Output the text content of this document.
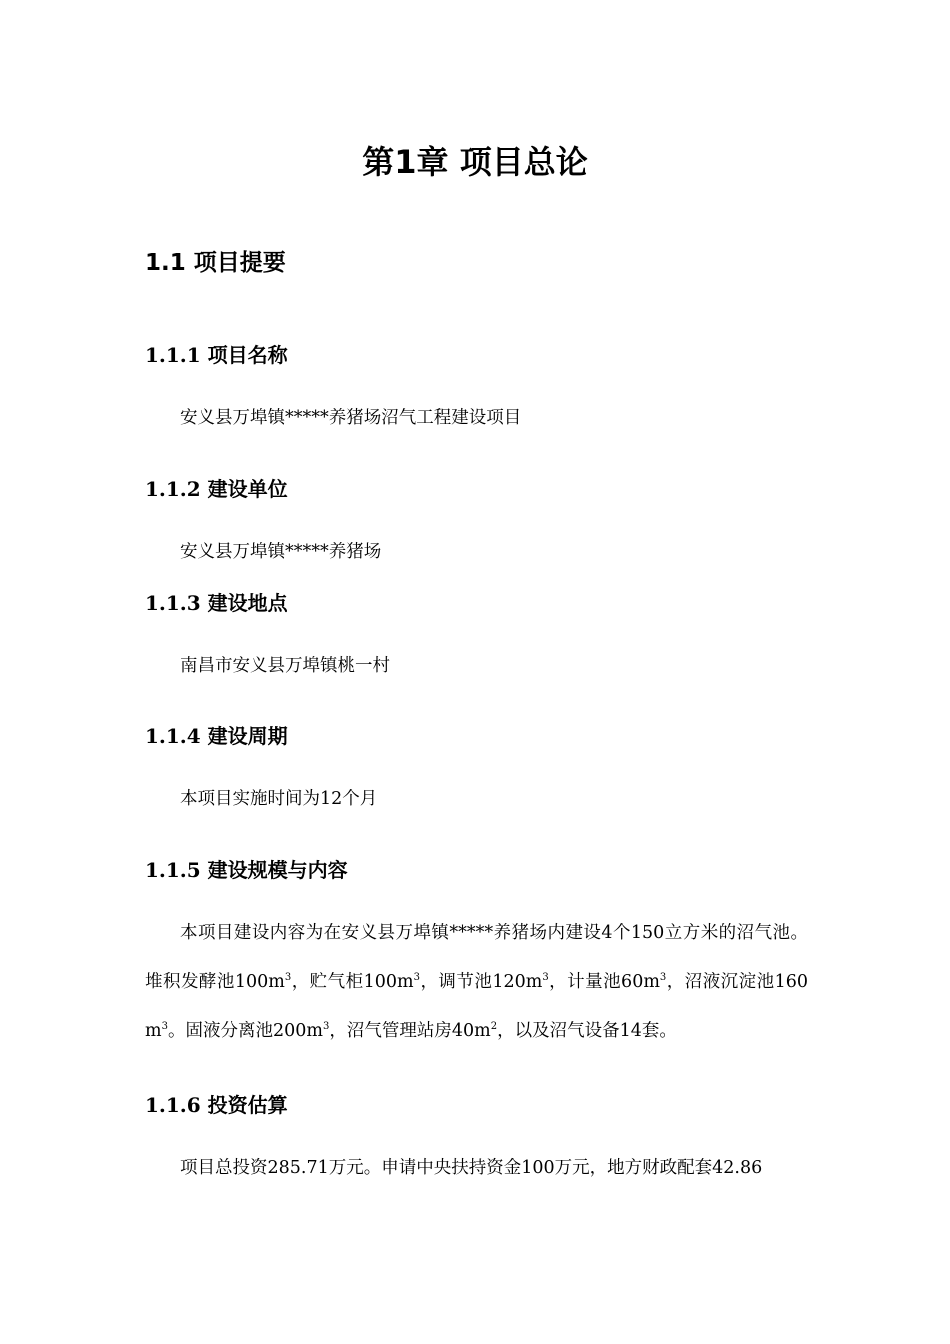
第1章 项目总论
1.1 项目提要
1.1.1 项目名称

安义县万埠镇*****养猪场沼气工程建设项目

1.1.2 建设单位

安义县万埠镇*****养猪场

1.1.3 建设地点

南昌市安义县万埠镇桃一村

1.1.4 建设周期

本项目实施时间为12个月

1.1.5 建设规模与内容

本项目建设内容为在安义县万埠镇*****养猪场内建设4个150立方米的沼气池。堆积发酵池$100m^3$，贮气柜$100m^3$，调节池$120m^3$，计量池$60m^3$，沼液沉淀池$160m^3$。固液分离池$200m^3$，沼气管理站房$40m^2$，以及沼气设备14套。

1.1.6 投资估算

项目总投资285.71万元。申请中央扶持资金100万元，地方财政配套42.86
